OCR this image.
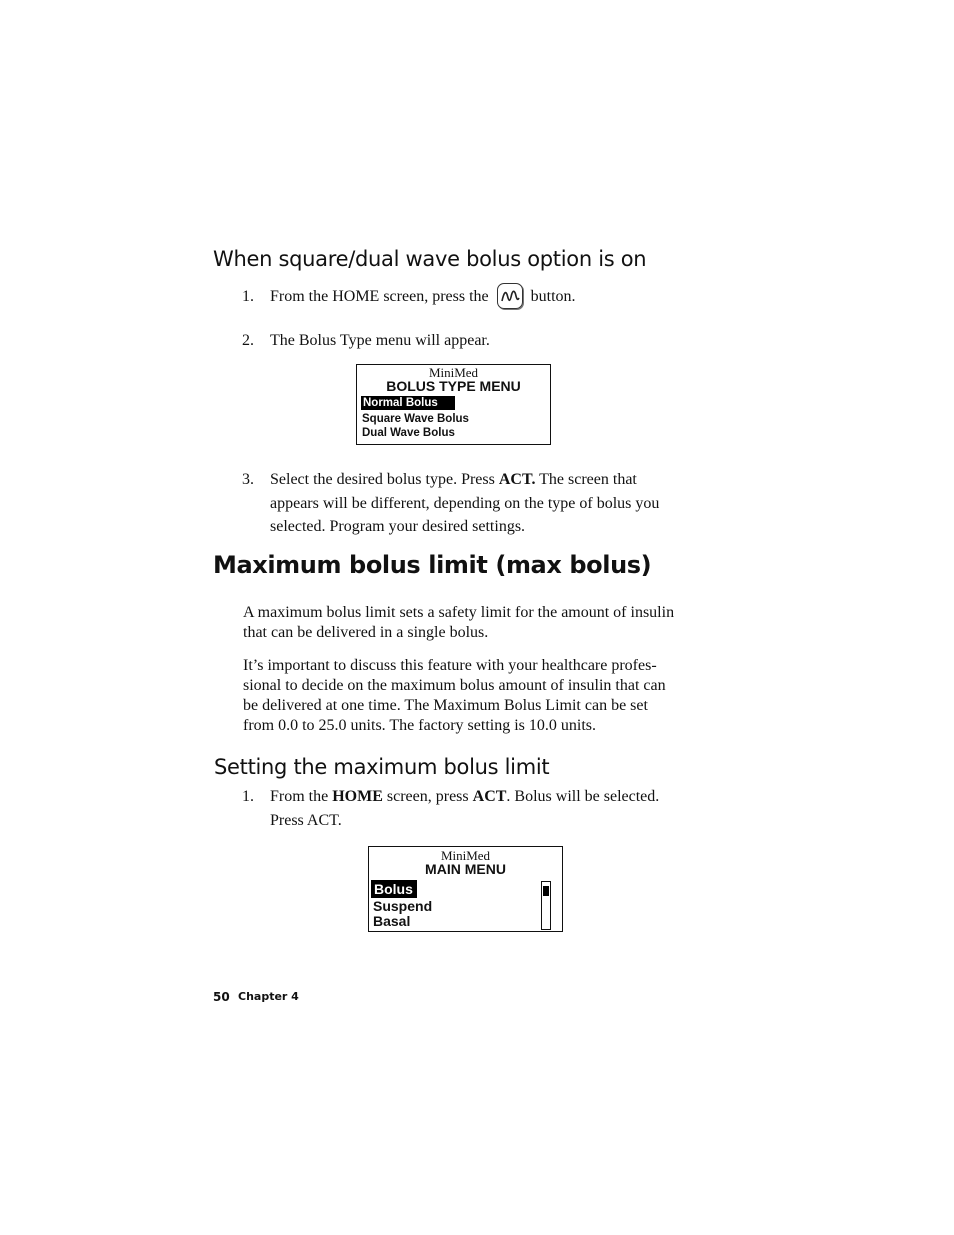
When square/dual wave bolus option is on
1. From the HOME screen, press the	button.
2. The Bolus Type menu will appear.
MiniMed
BOLUS TYPE MENU
Normal Bolus
Square Wave Bolus
Dual Wave Bolus
3. Select the desired bolus type. Press ACT. The screen that
appears will be different, depending on the type of bolus you
selected. Program your desired settings.
Maximum bolus limit (max bolus)
A maximum bolus limit sets a safety limit for the amount of insulin
that can be delivered in a single bolus.
It’s important to discuss this feature with your healthcare profes-
sional to decide on the maximum bolus amount of insulin that can
be delivered at one time. The Maximum Bolus Limit can be set
from 0.0 to 25.0 units. The factory setting is 10.0 units.
Setting the maximum bolus limit
1. From the HOME screen, press ACT. Bolus will be selected.
Press ACT.
MiniMed
MAIN MENU
Bolus
Suspend
Basal
50 Chapter 4
